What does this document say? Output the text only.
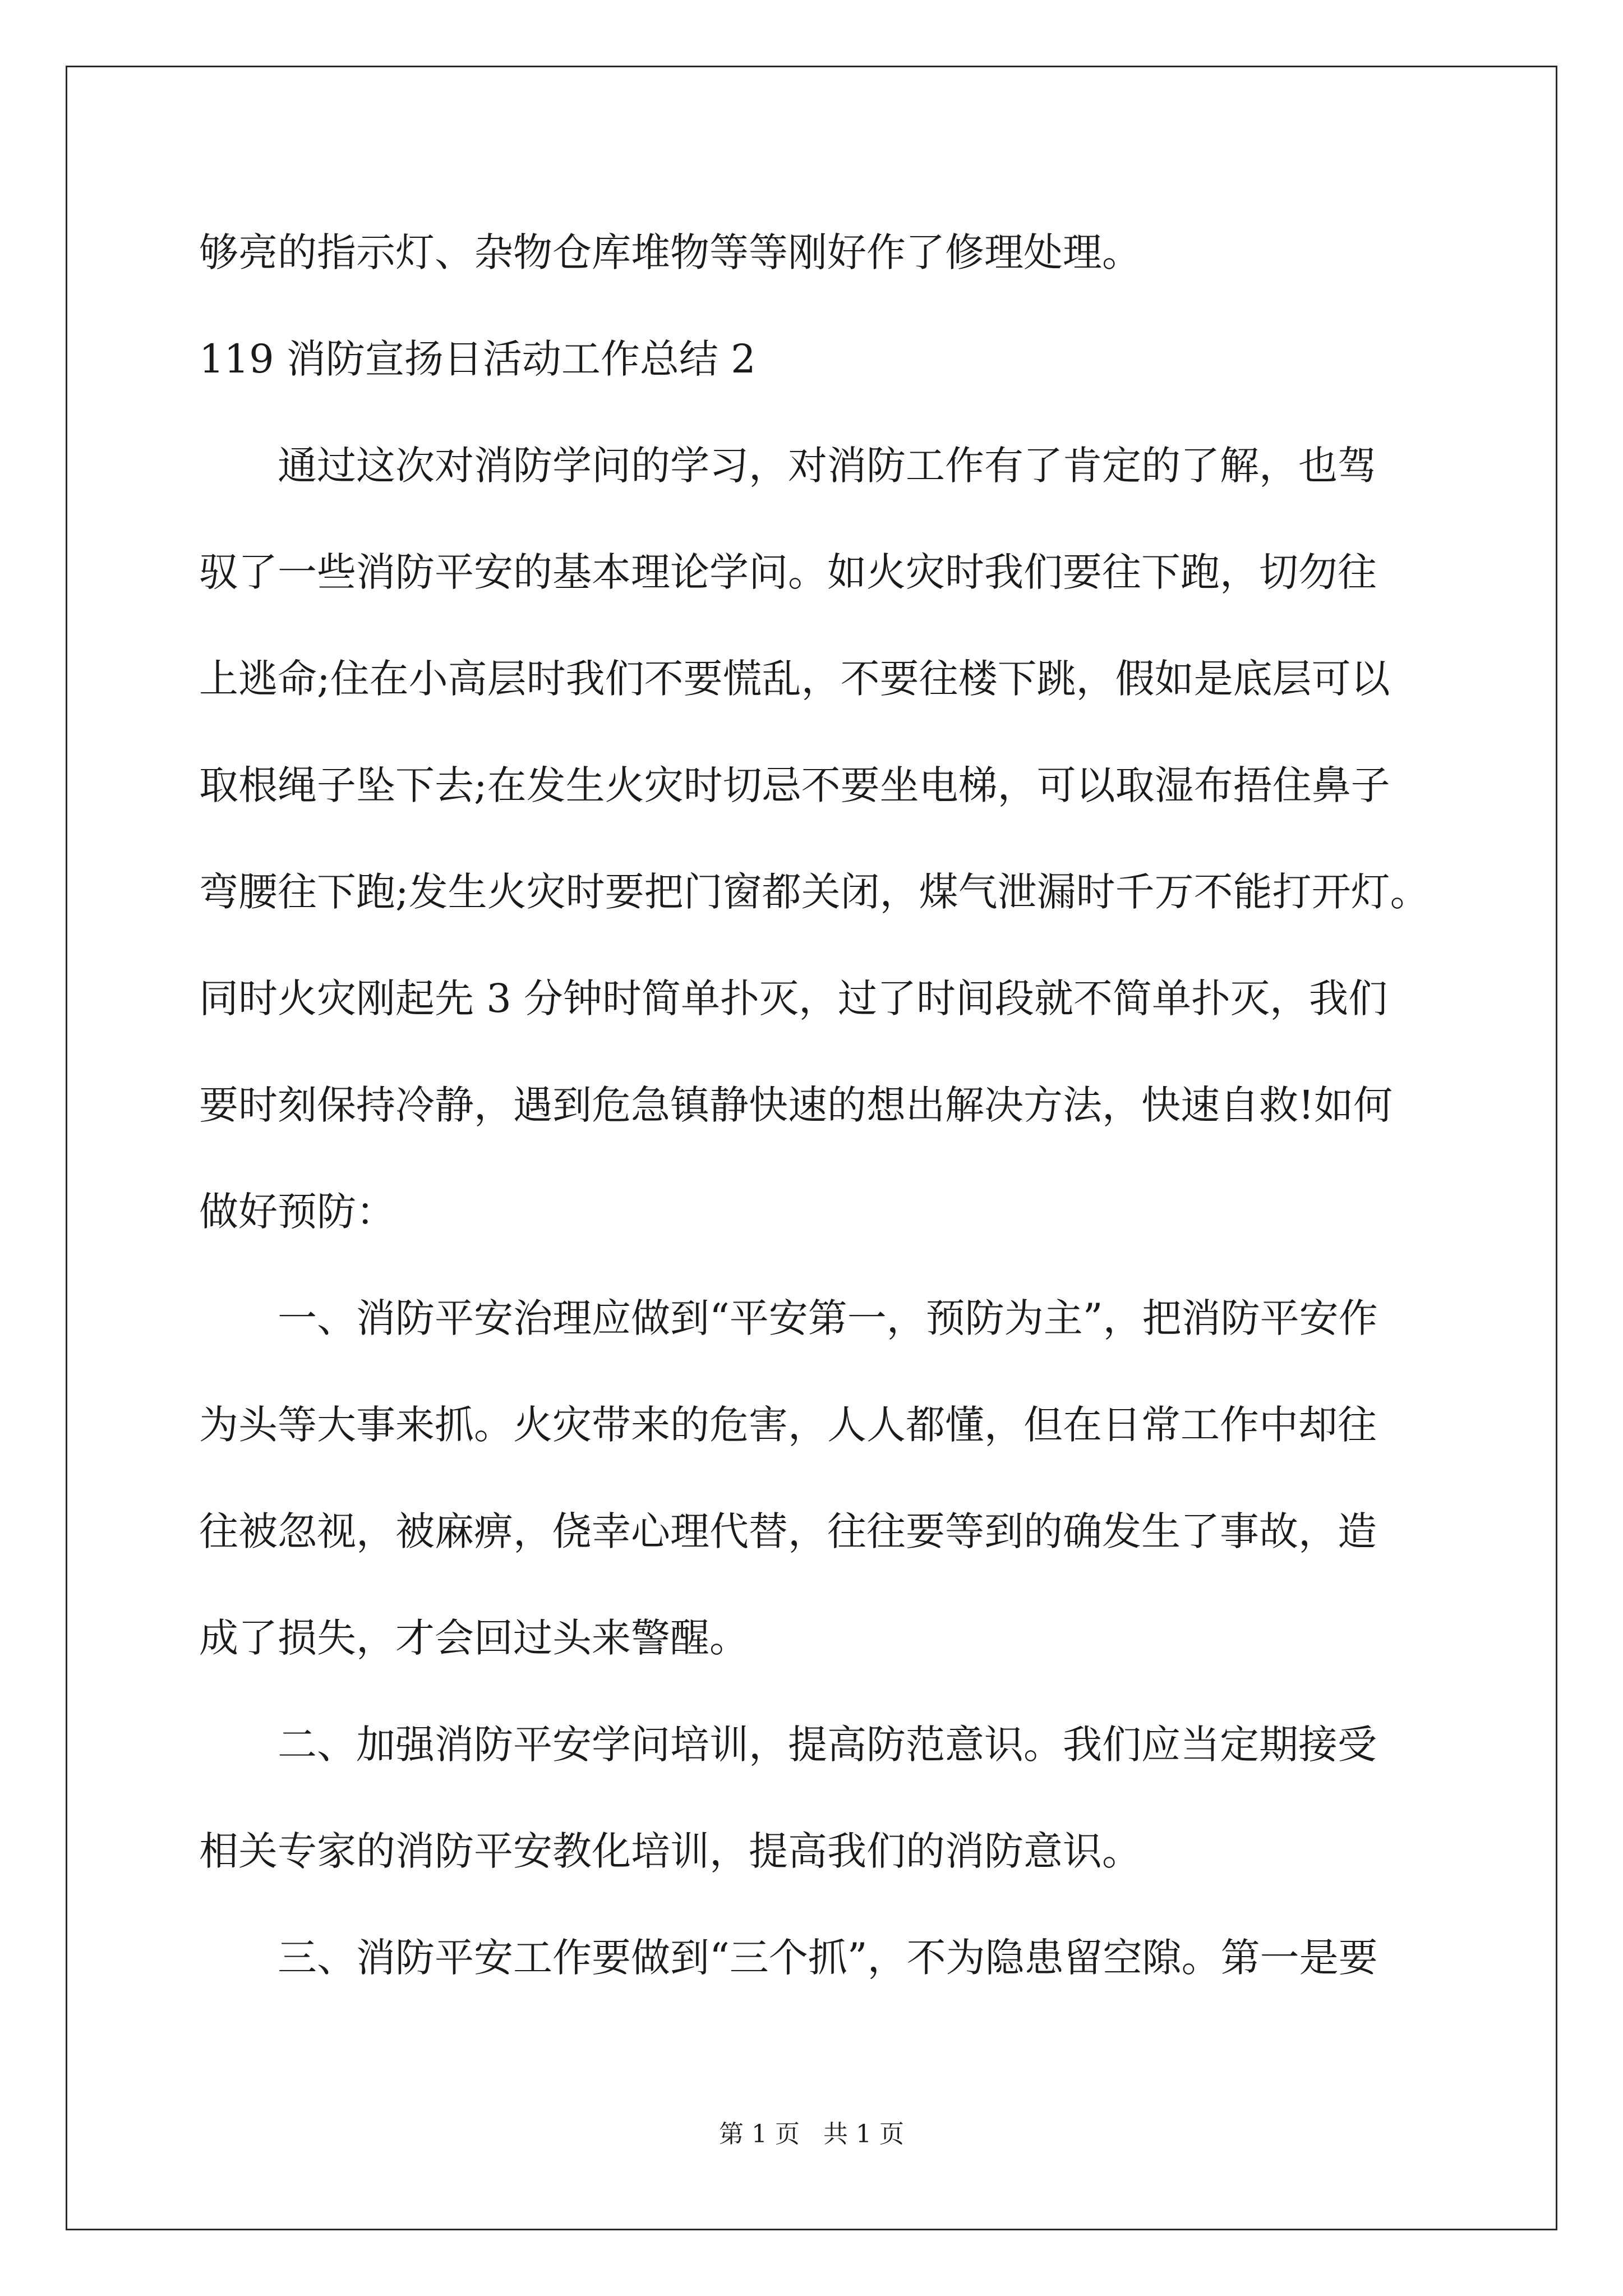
够亮的指示灯、杂物仓库堆物等等刚好作了修理处理。
119 消防宣扬日活动工作总结 2
通过这次对消防学问的学习，对消防工作有了肯定的了解，也驾
驭了一些消防平安的基本理论学问。如火灾时我们要往下跑，切勿往
上逃命;住在小高层时我们不要慌乱，不要往楼下跳，假如是底层可以
取根绳子坠下去;在发生火灾时切忌不要坐电梯，可以取湿布捂住鼻子
弯腰往下跑;发生火灾时要把门窗都关闭，煤气泄漏时千万不能打开灯。
同时火灾刚起先 3 分钟时简单扑灭，过了时间段就不简单扑灭，我们
要时刻保持冷静，遇到危急镇静快速的想出解决方法，快速自救!如何
做好预防：
一、消防平安治理应做到“平安第一，预防为主”，把消防平安作
为头等大事来抓。火灾带来的危害，人人都懂，但在日常工作中却往
往被忽视，被麻痹，侥幸心理代替，往往要等到的确发生了事故，造
成了损失，才会回过头来警醒。
二、加强消防平安学问培训，提高防范意识。我们应当定期接受
相关专家的消防平安教化培训，提高我们的消防意识。
三、消防平安工作要做到“三个抓”，不为隐患留空隙。第一是要
第 1 页   共 1 页
